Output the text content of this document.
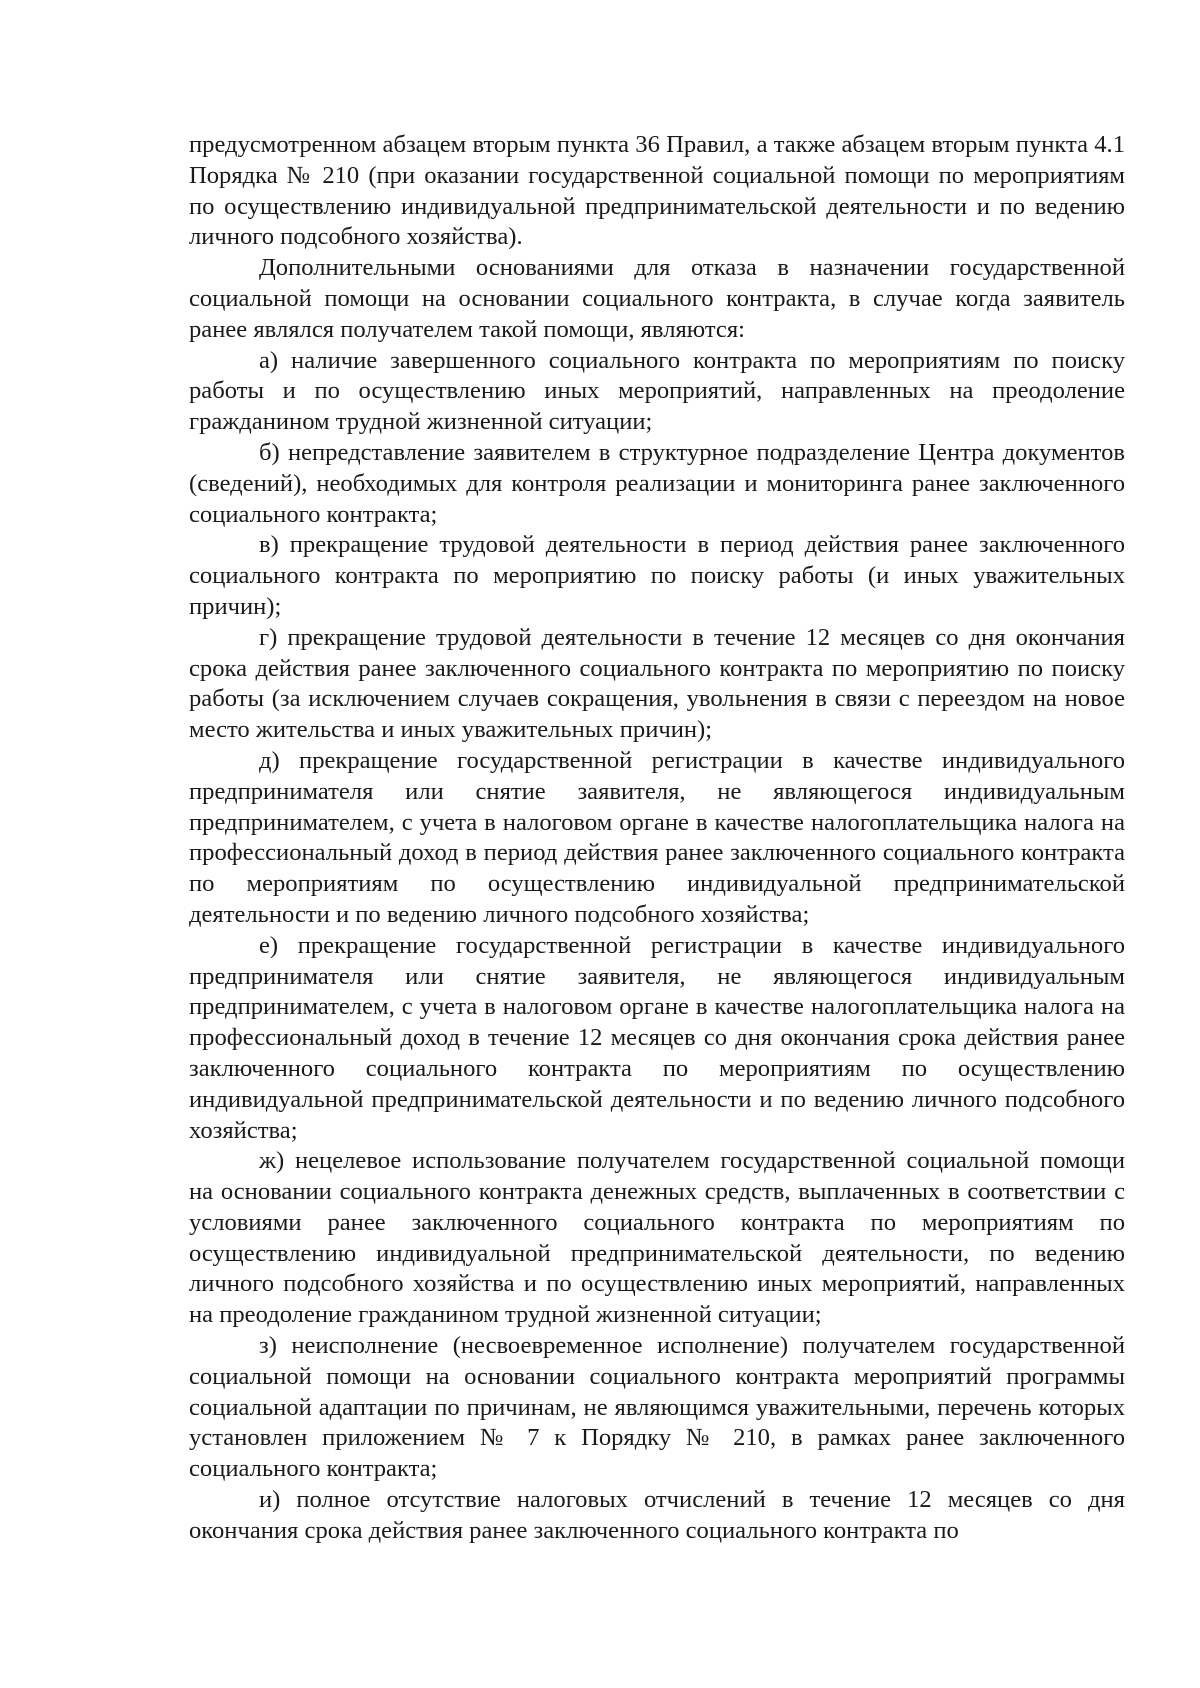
предусмотренном абзацем вторым пункта 36 Правил, а также абзацем вторым пункта 4.1 Порядка № 210 (при оказании государственной социальной помощи по мероприятиям по осуществлению индивидуальной предпринимательской деятельности и по ведению личного подсобного хозяйства).

Дополнительными основаниями для отказа в назначении государственной социальной помощи на основании социального контракта, в случае когда заявитель ранее являлся получателем такой помощи, являются:

а) наличие завершенного социального контракта по мероприятиям по поиску работы и по осуществлению иных мероприятий, направленных на преодоление гражданином трудной жизненной ситуации;

б) непредставление заявителем в структурное подразделение Центра документов (сведений), необходимых для контроля реализации и мониторинга ранее заключенного социального контракта;

в) прекращение трудовой деятельности в период действия ранее заключенного социального контракта по мероприятию по поиску работы (и иных уважительных причин);

г) прекращение трудовой деятельности в течение 12 месяцев со дня окончания срока действия ранее заключенного социального контракта по мероприятию по поиску работы (за исключением случаев сокращения, увольнения в связи с переездом на новое место жительства и иных уважительных причин);

д) прекращение государственной регистрации в качестве индивидуального предпринимателя или снятие заявителя, не являющегося индивидуальным предпринимателем, с учета в налоговом органе в качестве налогоплательщика налога на профессиональный доход в период действия ранее заключенного социального контракта по мероприятиям по осуществлению индивидуальной предпринимательской деятельности и по ведению личного подсобного хозяйства;

е) прекращение государственной регистрации в качестве индивидуального предпринимателя или снятие заявителя, не являющегося индивидуальным предпринимателем, с учета в налоговом органе в качестве налогоплательщика налога на профессиональный доход в течение 12 месяцев со дня окончания срока действия ранее заключенного социального контракта по мероприятиям по осуществлению индивидуальной предпринимательской деятельности и по ведению личного подсобного хозяйства;

ж) нецелевое использование получателем государственной социальной помощи на основании социального контракта денежных средств, выплаченных в соответствии с условиями ранее заключенного социального контракта по мероприятиям по осуществлению индивидуальной предпринимательской деятельности, по ведению личного подсобного хозяйства и по осуществлению иных мероприятий, направленных на преодоление гражданином трудной жизненной ситуации;

з) неисполнение (несвоевременное исполнение) получателем государственной социальной помощи на основании социального контракта мероприятий программы социальной адаптации по причинам, не являющимся уважительными, перечень которых установлен приложением № 7 к Порядку № 210, в рамках ранее заключенного социального контракта;

и) полное отсутствие налоговых отчислений в течение 12 месяцев со дня окончания срока действия ранее заключенного социального контракта по
